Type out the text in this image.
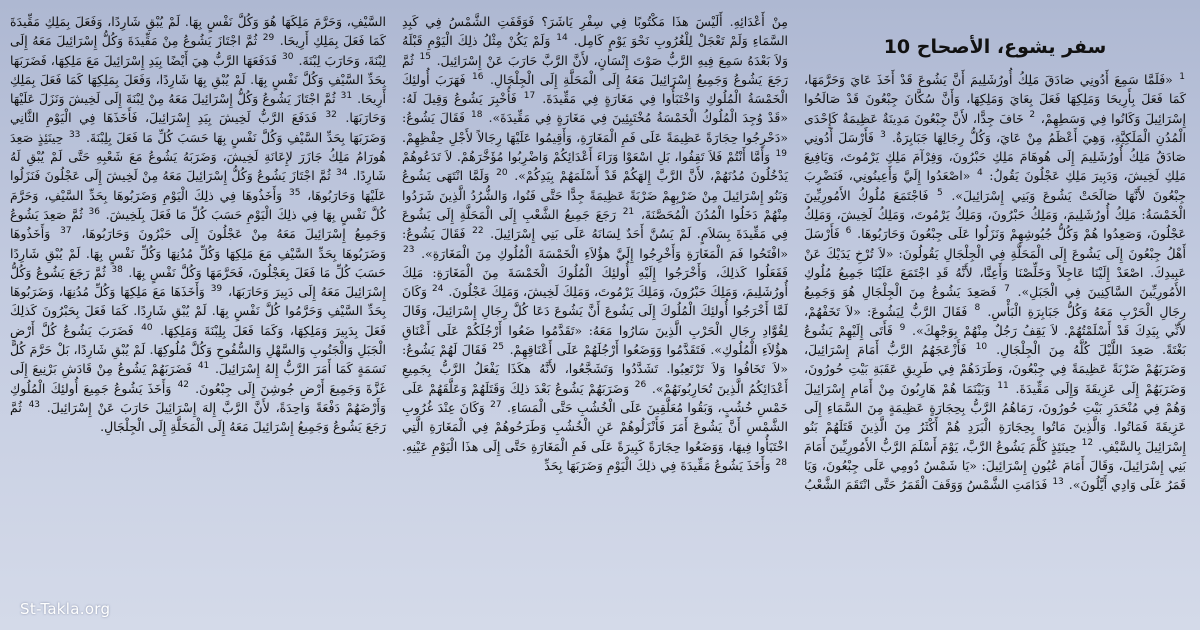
سفر يشوع، الأصحاح 10
$^1$ «فَلَمَّا سَمِعَ أَدُونِي صَادَقَ مَلِكُ أُورُشَلِيمَ أَنَّ يَشُوعَ قَدْ أَخَذَ عَايَ وَحَرَّمَهَا، كَمَا فَعَلَ بِأَرِيحَا وَمَلِكِهَا فَعَلَ بِعَايَ وَمَلِكِهَا، وَأَنَّ سُكَّانَ جِبْعُونَ قَدْ صَالَحُوا إِسْرَائِيلَ وَكَانُوا فِي وَسَطِهِمْ، $^2$ خَافَ جِدًّا، لأَنَّ جِبْعُونَ مَدِينَةٌ عَظِيمَةٌ كَإِحْدَى الْمُدُنِ الْمَلَكِيَّةِ، وَهِيَ أَعْظَمُ مِنْ عَايَ، وَكُلُّ رِجَالِهَا جَبَابِرَةٌ. $^3$ فَأَرْسَلَ أَدُونِي صَادَقُ مَلِكُ أُورُشَلِيمَ إِلَى هُوهَامَ مَلِكِ حَبْرُونَ، وَفِرْآمَ مَلِكِ يَرْمُوتَ، وَيَافِيعَ مَلِكِ لَخِيشَ، وَدَبِيرَ مَلِكِ عَجْلُونَ يَقُولُ: $^4$ «اصْعَدُوا إِلَيَّ وَأَعِينُونِي، فَنَضْرِبَ جِبْعُونَ لأَنَّهَا صَالَحَتْ يَشُوعَ وَبَنِي إِسْرَائِيلَ». $^5$ فَاجْتَمَعَ مُلُوكُ الأَمُورِيِّينَ الْخَمْسَةُ: مَلِكُ أُورُشَلِيمَ، وَمَلِكُ حَبْرُونَ، وَمَلِكُ يَرْمُوتَ، وَمَلِكُ لَخِيشَ، وَمَلِكُ عَجْلُونَ، وَصَعِدُوا هُمْ وَكُلُّ جُيُوشِهِمْ وَنَزَلُوا عَلَى جِبْعُونَ وَحَارَبُوهَا. $^6$ فَأَرْسَلَ أَهْلُ جِبْعُونَ إِلَى يَشُوعَ إِلَى الْمَحَلَّةِ فِي الْجِلْجَالِ يَقُولُونَ: «لاَ تُرْخِ يَدَيْكَ عَنْ عَبِيدِكَ. اصْعَدْ إِلَيْنَا عَاجِلاً وَخَلِّصْنَا وَأَعِنَّا، لأَنَّهُ قَدِ اجْتَمَعَ عَلَيْنَا جَمِيعُ مُلُوكِ الأَمُورِيِّينَ السَّاكِنِينَ فِي الْجَبَلِ». $^7$ فَصَعِدَ يَشُوعُ مِنَ الْجِلْجَالِ هُوَ وَجَمِيعُ رِجَالِ الْحَرْبِ مَعَهُ وَكُلُّ جَبَابِرَةِ الْبَأْسِ. $^8$ فَقَالَ الرَّبُّ لِيَشُوعَ: «لاَ تَخَفْهُمْ، لأَنِّي بِيَدِكَ قَدْ أَسْلَمْتُهُمْ. لاَ يَقِفُ رَجُلٌ مِنْهُمْ بِوَجْهِكَ». $^9$ فَأَتَى إِلَيْهِمْ يَشُوعُ بَغْتَةً. صَعِدَ اللَّيْلَ كُلَّهُ مِنَ الْجِلْجَالِ. $^{10}$ فَأَزْعَجَهُمُ الرَّبُّ أَمَامَ إِسْرَائِيلَ، وَضَرَبَهُمْ ضَرْبَةً عَظِيمَةً فِي جِبْعُونَ، وَطَرَدَهُمْ فِي طَرِيقِ عَقَبَةِ بَيْتِ حُورُونَ، وَضَرَبَهُمْ إِلَى عَزِيقَةَ وَإِلَى مَقِّيدَةَ. $^{11}$ وَبَيْنَمَا هُمْ هَارِبُونَ مِنْ أَمَامِ إِسْرَائِيلَ وَهُمْ فِي مُنْحَدَرِ بَيْتِ حُورُونَ، رَمَاهُمُ الرَّبُّ بِحِجَارَةٍ عَظِيمَةٍ مِنَ السَّمَاءِ إِلَى عَزِيقَةَ فَمَاتُوا. وَالَّذِينَ مَاتُوا بِحِجَارَةِ الْبَرَدِ هُمْ أَكْثَرُ مِنَ الَّذِينَ قَتَلَهُمْ بَنُو إِسْرَائِيلَ بِالسَّيْفِ. $^{12}$ حِينَئِذٍ كَلَّمَ يَشُوعُ الرَّبَّ، يَوْمَ أَسْلَمَ الرَّبُّ الأَمُورِيِّينَ أَمَامَ بَنِي إِسْرَائِيلَ، وَقَالَ أَمَامَ عُيُونِ إِسْرَائِيلَ: «يَا شَمْسُ دُومِي عَلَى جِبْعُونَ، وَيَا قَمَرُ عَلَى وَادِي أَيَّلُونَ». $^{13}$ فَدَامَتِ الشَّمْسُ وَوَقَفَ الْقَمَرُ حَتَّى انْتَقَمَ الشَّعْبُ
مِنْ أَعْدَائِهِ. أَلَيْسَ هذَا مَكْتُوبًا فِي سِفْرِ يَاشَرَ؟ فَوَقَفَتِ الشَّمْسُ فِي كَبِدِ السَّمَاءِ وَلَمْ تَعْجَلْ لِلْغُرُوبِ نَحْوَ يَوْمٍ كَامِل. $^{14}$ وَلَمْ يَكُنْ مِثْلُ ذلِكَ الْيَوْمِ قَبْلَهُ وَلاَ بَعْدَهُ سَمِعَ فِيهِ الرَّبُّ صَوْتَ إِنْسَانٍ، لأَنَّ الرَّبَّ حَارَبَ عَنْ إِسْرَائِيلَ. $^{15}$ ثُمَّ رَجَعَ يَشُوعُ وَجَمِيعُ إِسْرَائِيلَ مَعَهُ إِلَى الْمَحَلَّةِ إِلَى الْجِلْجَالِ. $^{16}$ فَهَرَبَ أُولئِكَ الْخَمْسَةُ الْمُلُوكِ وَاخْتَبَأُوا فِي مَغَارَةٍ فِي مَقِّيدَةَ. $^{17}$ فَأُخْبِرَ يَشُوعُ وَقِيلَ لَهُ: «قَدْ وُجِدَ الْمُلُوكُ الْخَمْسَةُ مُخْتَبِئِينَ فِي مَغَارَةٍ فِي مَقِّيدَةَ». $^{18}$ فَقَالَ يَشُوعُ: «دَحْرِجُوا حِجَارَةً عَظِيمَةً عَلَى فَمِ الْمَغَارَةِ، وَأَقِيمُوا عَلَيْهَا رِجَالاً لأَجْلِ حِفْظِهِمْ. $^{19}$ وَأَمَّا أَنْتُمْ فَلاَ تَقِفُوا، بَلِ اسْعَوْا وَرَاءَ أَعْدَائِكُمْ وَاضْرِبُوا مُؤَخَّرَهُمْ. لاَ تَدَعُوهُمْ يَدْخُلُونَ مُدُنَهُمْ، لأَنَّ الرَّبَّ إِلهَكُمْ قَدْ أَسْلَمَهُمْ بِيَدِكُمْ». $^{20}$ وَلَمَّا انْتَهَى يَشُوعُ وَبَنُو إِسْرَائِيلَ مِنْ ضَرْبِهِمْ ضَرْبَةً عَظِيمَةً جِدًّا حَتَّى فَنُوا، وَالشُّرُدُ الَّذِينَ شَرَدُوا مِنْهُمْ دَخَلُوا الْمُدُنَ الْمُحَصَّنَةَ، $^{21}$ رَجَعَ جَمِيعُ الشَّعْبِ إِلَى الْمَحَلَّةِ إِلَى يَشُوعَ فِي مَقِّيدَةَ بِسَلاَمٍ. لَمْ يَسُنَّ أَحَدٌ لِسَانَهُ عَلَى بَنِي إِسْرَائِيلَ. $^{22}$ فَقَالَ يَشُوعُ: «افْتَحُوا فَمَ الْمَغَارَةِ وَأَخْرِجُوا إِلَيَّ هؤُلاَءِ الْخَمْسَةَ الْمُلُوكِ مِنَ الْمَغَارَةِ». $^{23}$ فَفَعَلُوا كَذلِكَ، وَأَخْرَجُوا إِلَيْهِ أُولئِكَ الْمُلُوكَ الْخَمْسَةَ مِنَ الْمَغَارَةِ: مَلِكَ أُورُشَلِيمَ، وَمَلِكَ حَبْرُونَ، وَمَلِكَ يَرْمُوتَ، وَمَلِكَ لَخِيشَ، وَمَلِكَ عَجْلُونَ. $^{24}$ وَكَانَ لَمَّا أَخْرَجُوا أُولئِكَ الْمُلُوكَ إِلَى يَشُوعَ أَنَّ يَشُوعَ دَعَا كُلَّ رِجَالِ إِسْرَائِيلَ، وَقَالَ لِقُوَّادِ رِجَالِ الْحَرْبِ الَّذِينَ سَارُوا مَعَهُ: «تَقَدَّمُوا ضَعُوا أَرْجُلَكُمْ عَلَى أَعْنَاقِ هؤُلاَءِ الْمُلُوكِ». فَتَقَدَّمُوا وَوَضَعُوا أَرْجُلَهُمْ عَلَى أَعْنَاقِهِمْ. $^{25}$ فَقَالَ لَهُمْ يَشُوعُ: «لاَ تَخَافُوا وَلاَ تَرْتَعِبُوا. تَشَدَّدُوا وَتَشَجَّعُوا، لأَنَّهُ هكَذَا يَفْعَلُ الرَّبُّ بِجَمِيعِ أَعْدَائِكُمُ الَّذِينَ تُحَارِبُونَهُمْ». $^{26}$ وَضَرَبَهُمْ يَشُوعُ بَعْدَ ذلِكَ وَقَتَلَهُمْ وَعَلَّقَهُمْ عَلَى خَمْسِ خُشُبٍ، وَبَقُوا مُعَلَّقِينَ عَلَى الْخُشُبِ حَتَّى الْمَسَاءِ. $^{27}$ وَكَانَ عِنْدَ غُرُوبِ الشَّمْسِ أَنَّ يَشُوعَ أَمَرَ فَأَنْزَلُوهُمْ عَنِ الْخُشُبِ وَطَرَحُوهُمْ فِي الْمَغَارَةِ الَّتِي اخْتَبَأُوا فِيهَا، وَوَضَعُوا حِجَارَةً كَبِيرَةً عَلَى فَمِ الْمَغَارَةِ حَتَّى إِلَى هذَا الْيَوْمِ عَيْنِهِ. $^{28}$ وَأَخَذَ يَشُوعُ مَقِّيدَةَ فِي ذلِكَ الْيَوْمِ وَضَرَبَهَا بِحَدِّ
السَّيْفِ، وَحَرَّمَ مَلِكَهَا هُوَ وَكُلَّ نَفْسٍ بِهَا. لَمْ يُبْقِ شَارِدًا، وَفَعَلَ بِمَلِكِ مَقِّيدَةَ كَمَا فَعَلَ بِمَلِكِ أَرِيحَا. $^{29}$ ثُمَّ اجْتَازَ يَشُوعُ مِنْ مَقِّيدَةَ وَكُلُّ إِسْرَائِيلَ مَعَهُ إِلَى لِبْنَةَ، وَحَارَبَ لِبْنَةَ. $^{30}$ فَدَفَعَهَا الرَّبُّ هِيَ أَيْضًا بِيَدِ إِسْرَائِيلَ مَعَ مَلِكِهَا، فَضَرَبَهَا بِحَدِّ السَّيْفِ وَكُلَّ نَفْسٍ بِهَا. لَمْ يُبْقِ بِهَا شَارِدًا، وَفَعَلَ بِمَلِكِهَا كَمَا فَعَلَ بِمَلِكِ أَرِيحَا. $^{31}$ ثُمَّ اجْتَازَ يَشُوعُ وَكُلُّ إِسْرَائِيلَ مَعَهُ مِنْ لِبْنَةَ إِلَى لَخِيشَ وَنَزَلَ عَلَيْهَا وَحَارَبَهَا. $^{32}$ فَدَفَعَ الرَّبُّ لَخِيشَ بِيَدِ إِسْرَائِيلَ، فَأَخَذَهَا فِي الْيَوْمِ الثَّانِي وَضَرَبَهَا بِحَدِّ السَّيْفِ وَكُلَّ نَفْسٍ بِهَا حَسَبَ كُلِّ مَا فَعَلَ بِلِبْنَةَ. $^{33}$ حِينَئِذٍ صَعِدَ هُورَامُ مَلِكُ جَازَرَ لإِعَانَةِ لَخِيشَ، وَضَرَبَهُ يَشُوعُ مَعَ شَعْبِهِ حَتَّى لَمْ يُبْقِ لَهُ شَارِدًا. $^{34}$ ثُمَّ اجْتَازَ يَشُوعُ وَكُلُّ إِسْرَائِيلَ مَعَهُ مِنْ لَخِيشَ إِلَى عَجْلُونَ فَنَزَلُوا عَلَيْهَا وَحَارَبُوهَا، $^{35}$ وَأَخَذُوهَا فِي ذلِكَ الْيَوْمِ وَضَرَبُوهَا بِحَدِّ السَّيْفِ، وَحَرَّمَ كُلَّ نَفْسٍ بِهَا فِي ذلِكَ الْيَوْمِ حَسَبَ كُلِّ مَا فَعَلَ بِلَخِيشَ. $^{36}$ ثُمَّ صَعِدَ يَشُوعُ وَجَمِيعُ إِسْرَائِيلَ مَعَهُ مِنْ عَجْلُونَ إِلَى حَبْرُونَ وَحَارَبُوهَا، $^{37}$ وَأَخَذُوهَا وَضَرَبُوهَا بِحَدِّ السَّيْفِ مَعَ مَلِكِهَا وَكُلِّ مُدُنِهَا وَكُلِّ نَفْسٍ بِهَا. لَمْ يُبْقِ شَارِدًا حَسَبَ كُلِّ مَا فَعَلَ بِعَجْلُونَ، فَحَرَّمَهَا وَكُلَّ نَفْسٍ بِهَا. $^{38}$ ثُمَّ رَجَعَ يَشُوعُ وَكُلُّ إِسْرَائِيلَ مَعَهُ إِلَى دَبِيرَ وَحَارَبَهَا، $^{39}$ وَأَخَذَهَا مَعَ مَلِكِهَا وَكُلِّ مُدُنِهَا، وَضَرَبُوهَا بِحَدِّ السَّيْفِ وَحَرَّمُوا كُلَّ نَفْسٍ بِهَا. لَمْ يُبْقِ شَارِدًا. كَمَا فَعَلَ بِحَبْرُونَ كَذلِكَ فَعَلَ بِدَبِيرَ وَمَلِكِهَا، وَكَمَا فَعَلَ بِلِبْنَةَ وَمَلِكِهَا. $^{40}$ فَضَرَبَ يَشُوعُ كُلَّ أَرْضِ الْجَبَلِ وَالْجَنُوبِ وَالسَّهْلِ وَالسُّفُوحِ وَكُلَّ مُلُوكِهَا. لَمْ يُبْقِ شَارِدًا، بَلْ حَرَّمَ كُلَّ نَسَمَةٍ كَمَا أَمَرَ الرَّبُّ إِلهُ إِسْرَائِيلَ. $^{41}$ فَضَرَبَهُمْ يَشُوعُ مِنْ قَادَشِ بَرْنِيعَ إِلَى غَزَّةَ وَجَمِيعَ أَرْضِ جُوشِنَ إِلَى جِبْعُونَ. $^{42}$ وَأَخَذَ يَشُوعُ جَمِيعَ أُولئِكَ الْمُلُوكِ وَأَرْضَهُمْ دَفْعَةً وَاحِدَةً، لأَنَّ الرَّبَّ إِلهَ إِسْرَائِيلَ حَارَبَ عَنْ إِسْرَائِيلَ. $^{43}$ ثُمَّ رَجَعَ يَشُوعُ وَجَمِيعُ إِسْرَائِيلَ مَعَهُ إِلَى الْمَحَلَّةِ إِلَى الْجِلْجَالِ.
St-Takla.org
